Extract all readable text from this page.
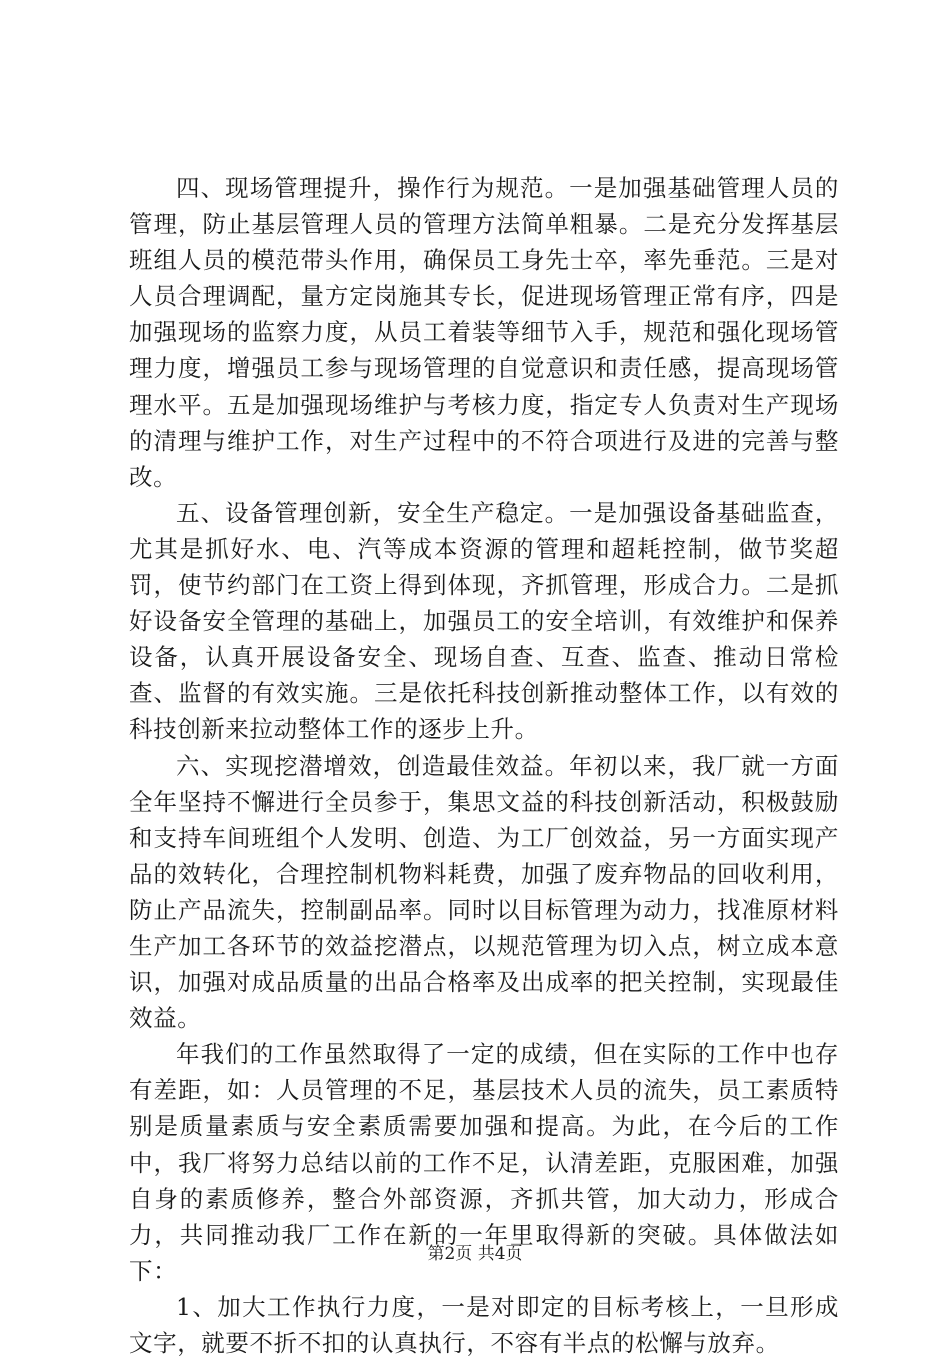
四、现场管理提升，操作行为规范。一是加强基础管理人员的管理，防止基层管理人员的管理方法简单粗暴。二是充分发挥基层班组人员的模范带头作用，确保员工身先士卒，率先垂范。三是对人员合理调配，量方定岗施其专长，促进现场管理正常有序，四是加强现场的监察力度，从员工着装等细节入手，规范和强化现场管理力度，增强员工参与现场管理的自觉意识和责任感，提高现场管理水平。五是加强现场维护与考核力度，指定专人负责对生产现场的清理与维护工作，对生产过程中的不符合项进行及进的完善与整改。

五、设备管理创新，安全生产稳定。一是加强设备基础监查，尤其是抓好水、电、汽等成本资源的管理和超耗控制，做节奖超罚，使节约部门在工资上得到体现，齐抓管理，形成合力。二是抓好设备安全管理的基础上，加强员工的安全培训，有效维护和保养设备，认真开展设备安全、现场自查、互查、监查、推动日常检查、监督的有效实施。三是依托科技创新推动整体工作，以有效的科技创新来拉动整体工作的逐步上升。

六、实现挖潜增效，创造最佳效益。年初以来，我厂就一方面全年坚持不懈进行全员参于，集思文益的科技创新活动，积极鼓励和支持车间班组个人发明、创造、为工厂创效益，另一方面实现产品的效转化，合理控制机物料耗费，加强了废弃物品的回收利用，防止产品流失，控制副品率。同时以目标管理为动力，找准原材料生产加工各环节的效益挖潜点，以规范管理为切入点，树立成本意识，加强对成品质量的出品合格率及出成率的把关控制，实现最佳效益。

年我们的工作虽然取得了一定的成绩，但在实际的工作中也存有差距，如：人员管理的不足，基层技术人员的流失，员工素质特别是质量素质与安全素质需要加强和提高。为此，在今后的工作中，我厂将努力总结以前的工作不足，认清差距，克服困难，加强自身的素质修养，整合外部资源，齐抓共管，加大动力，形成合力，共同推动我厂工作在新的一年里取得新的突破。具体做法如下：

1、加大工作执行力度，一是对即定的目标考核上，一旦形成文字，就要不折不扣的认真执行，不容有半点的松懈与放弃。

第2页 共4页
